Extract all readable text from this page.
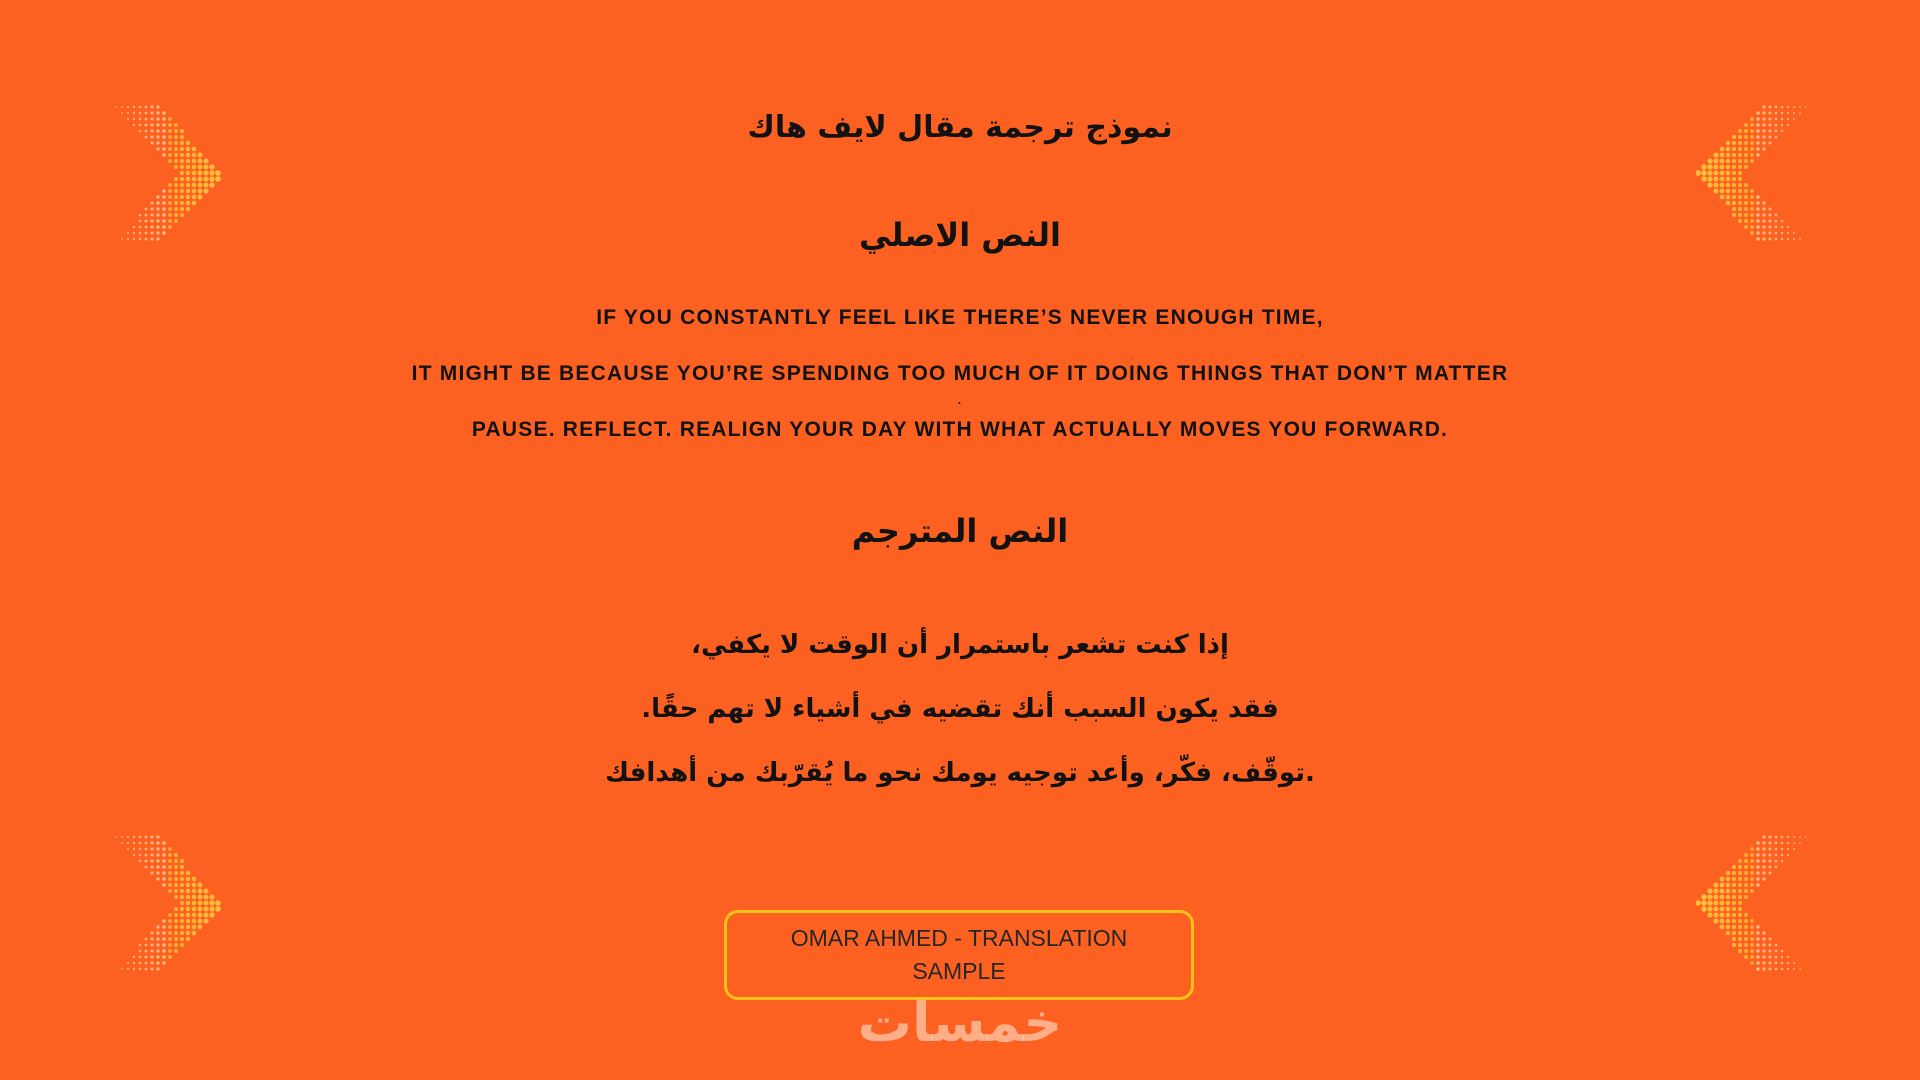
نموذج ترجمة مقال لايف هاك
النص الاصلي

IF YOU CONSTANTLY FEEL LIKE THERE’S NEVER ENOUGH TIME,

IT MIGHT BE BECAUSE YOU’RE SPENDING TOO MUCH OF IT DOING THINGS THAT DON’T MATTER

.

PAUSE. REFLECT. REALIGN YOUR DAY WITH WHAT ACTUALLY MOVES YOU FORWARD.

النص المترجم

إذا كنت تشعر باستمرار أن الوقت لا يكفي،

فقد يكون السبب أنك تقضيه في أشياء لا تهم حقًا.

.توقّف، فكّر، وأعد توجيه يومك نحو ما يُقرّبك من أهدافك

OMAR AHMED - TRANSLATION SAMPLE
خمسات
